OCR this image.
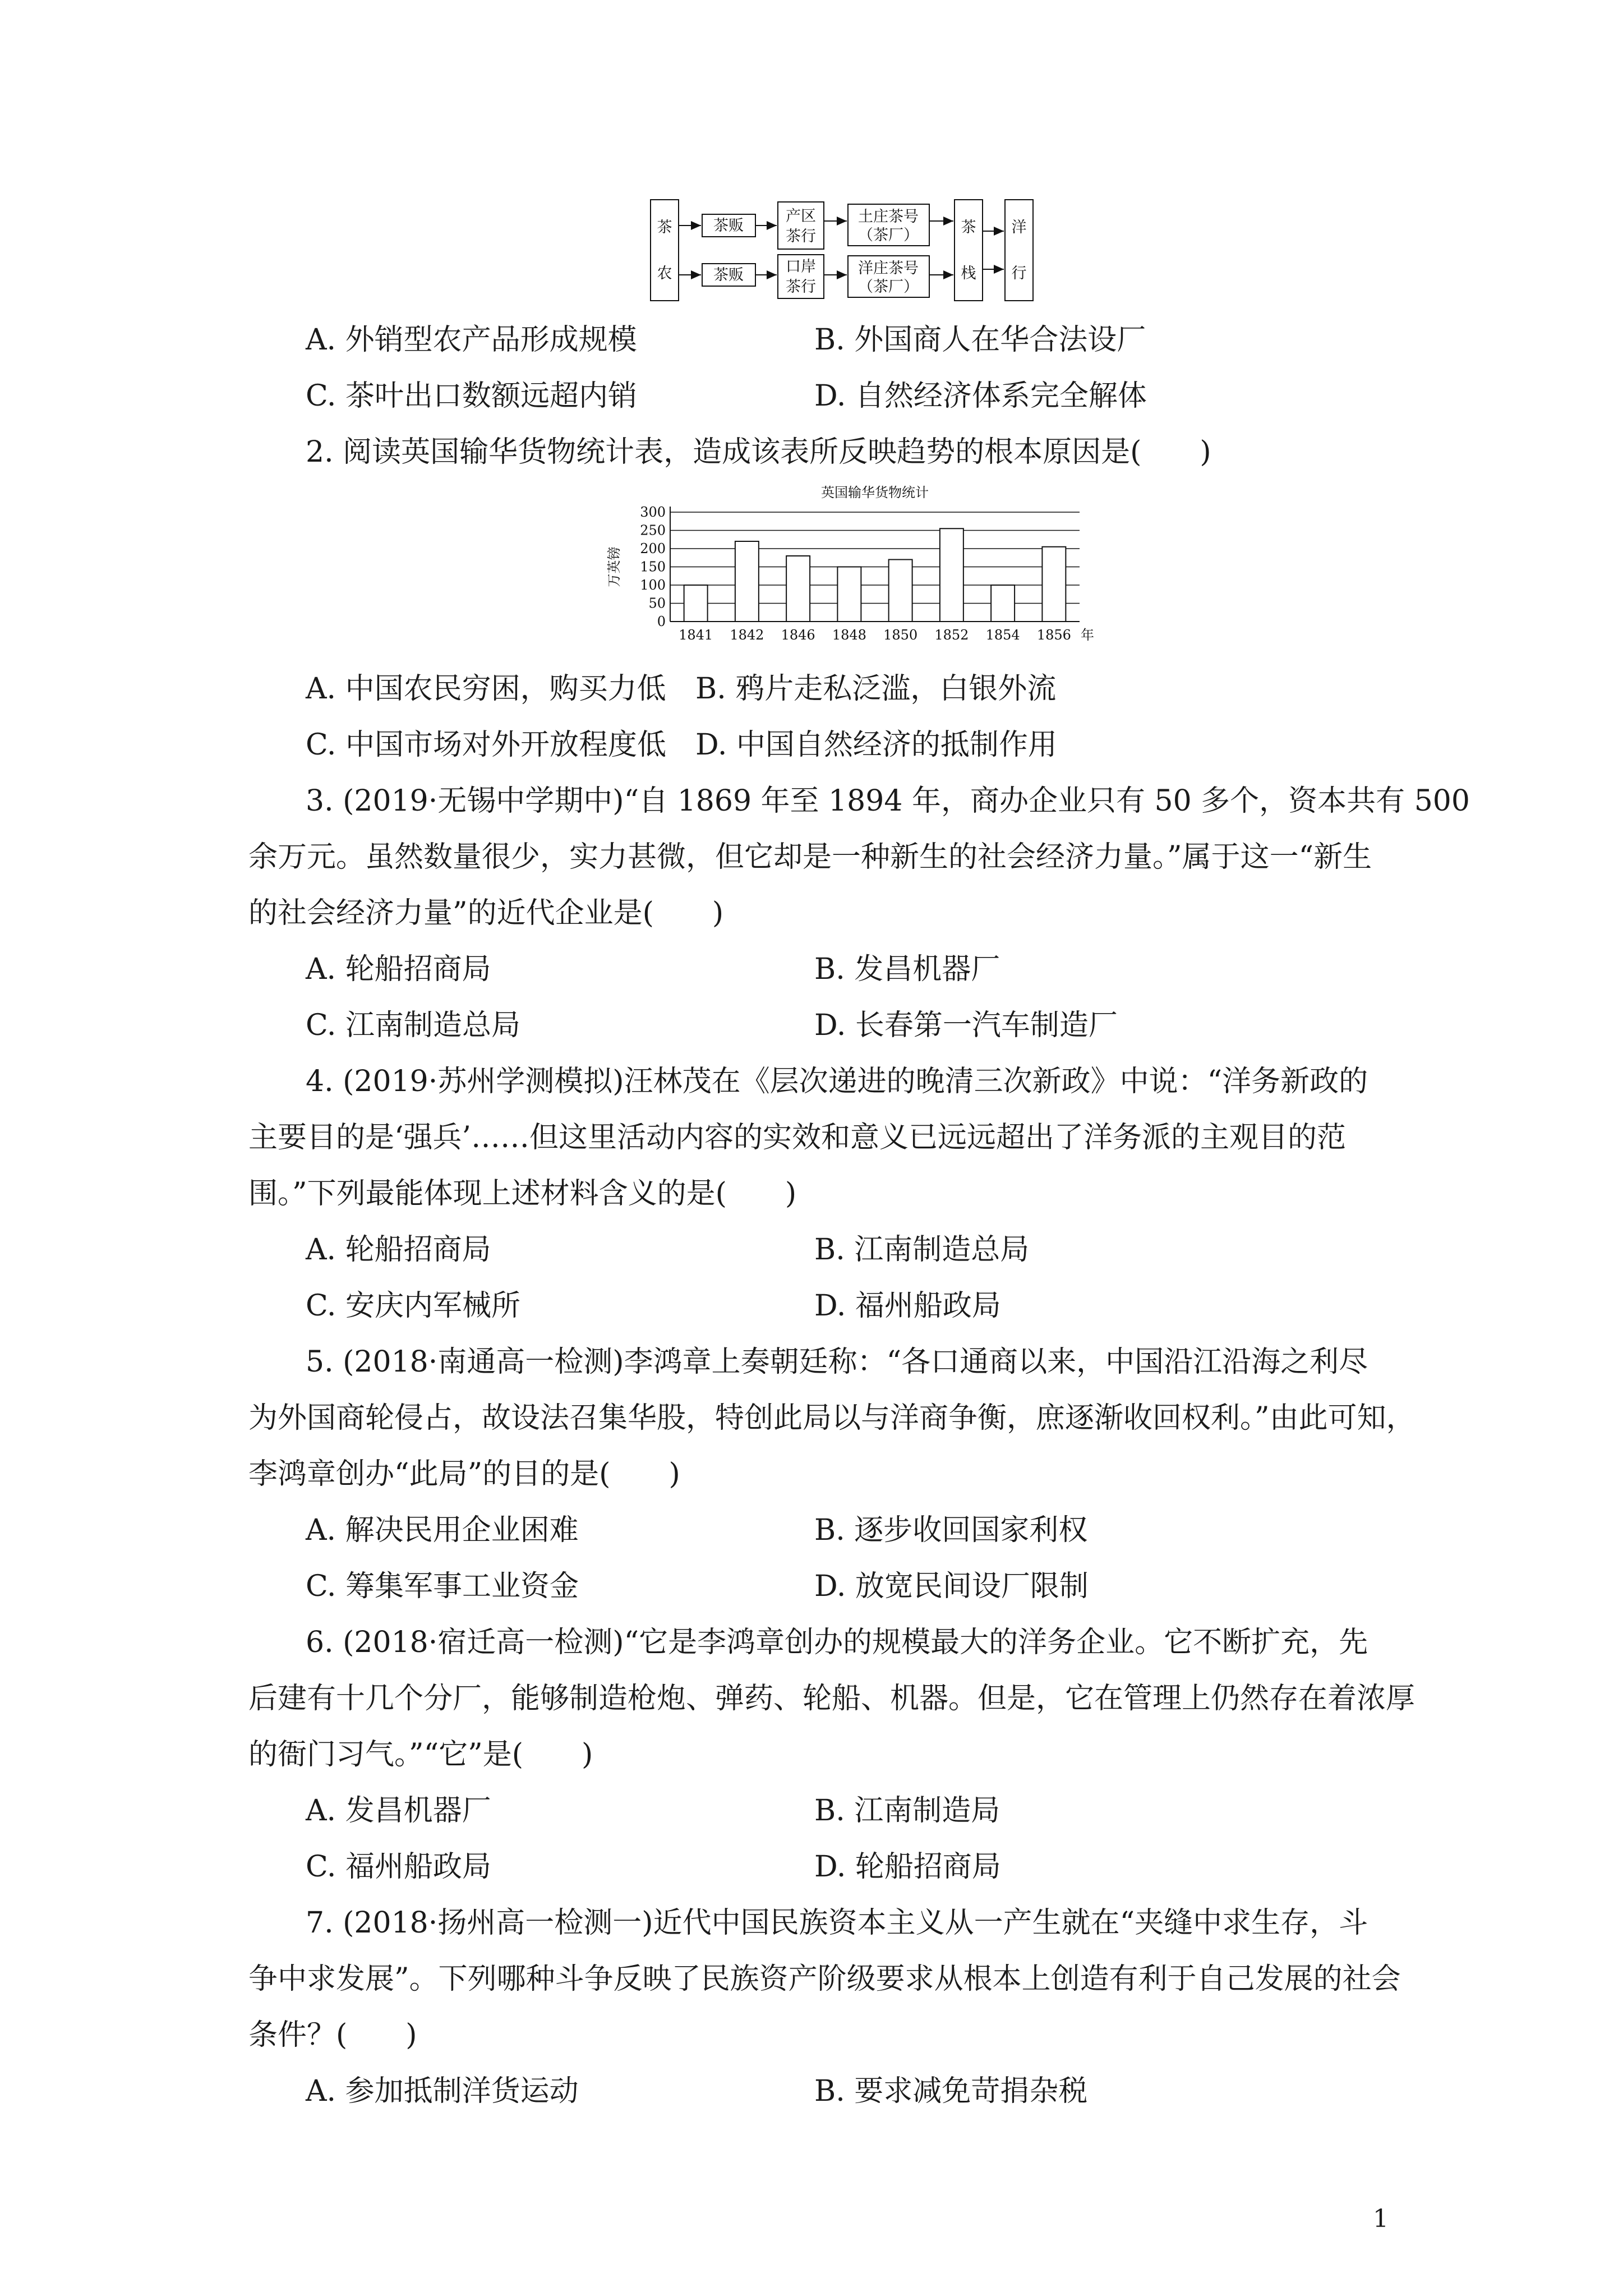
茶
农
茶贩
茶贩
产区
茶行
口岸
茶行
土庄茶号
（茶厂）
洋庄茶号
（茶厂）
茶
栈
洋
行
A. 外销型农产品形成规模	B. 外国商人在华合法设厂
C. 茶叶出口数额远超内销	D. 自然经济体系完全解体
2. 阅读英国输华货物统计表，造成该表所反映趋势的根本原因是(　　)
英国输华货物统计
0
50
100
150
200
250
300
万英镑
1841 1842 1846 1848 1850 1852 1854 1856 年
A. 中国农民穷困，购买力低 B. 鸦片走私泛滥，白银外流
C. 中国市场对外开放程度低 D. 中国自然经济的抵制作用
3. (2019·无锡中学期中)“自 1869 年至 1894 年，商办企业只有 50 多个，资本共有 500
余万元。虽然数量很少，实力甚微，但它却是一种新生的社会经济力量。”属于这一“新生
的社会经济力量”的近代企业是(　　)
A. 轮船招商局	B. 发昌机器厂
C. 江南制造总局	D. 长春第一汽车制造厂
4. (2019·苏州学测模拟)汪林茂在《层次递进的晚清三次新政》中说：“洋务新政的
主要目的是‘强兵’……但这里活动内容的实效和意义已远远超出了洋务派的主观目的范
围。”下列最能体现上述材料含义的是(　　)
A. 轮船招商局	B. 江南制造总局
C. 安庆内军械所	D. 福州船政局
5. (2018·南通高一检测)李鸿章上奏朝廷称：“各口通商以来，中国沿江沿海之利尽
为外国商轮侵占，故设法召集华股，特创此局以与洋商争衡，庶逐渐收回权利。”由此可知，
李鸿章创办“此局”的目的是(　　)
A. 解决民用企业困难	B. 逐步收回国家利权
C. 筹集军事工业资金	D. 放宽民间设厂限制
6. (2018·宿迁高一检测)“它是李鸿章创办的规模最大的洋务企业。它不断扩充，先
后建有十几个分厂，能够制造枪炮、弹药、轮船、机器。但是，它在管理上仍然存在着浓厚
的衙门习气。”“它”是(　　)
A. 发昌机器厂	B. 江南制造局
C. 福州船政局	D. 轮船招商局
7. (2018·扬州高一检测一)近代中国民族资本主义从一产生就在“夹缝中求生存，斗
争中求发展”。下列哪种斗争反映了民族资产阶级要求从根本上创造有利于自己发展的社会
条件？(　　)
A. 参加抵制洋货运动	B. 要求减免苛捐杂税
1
